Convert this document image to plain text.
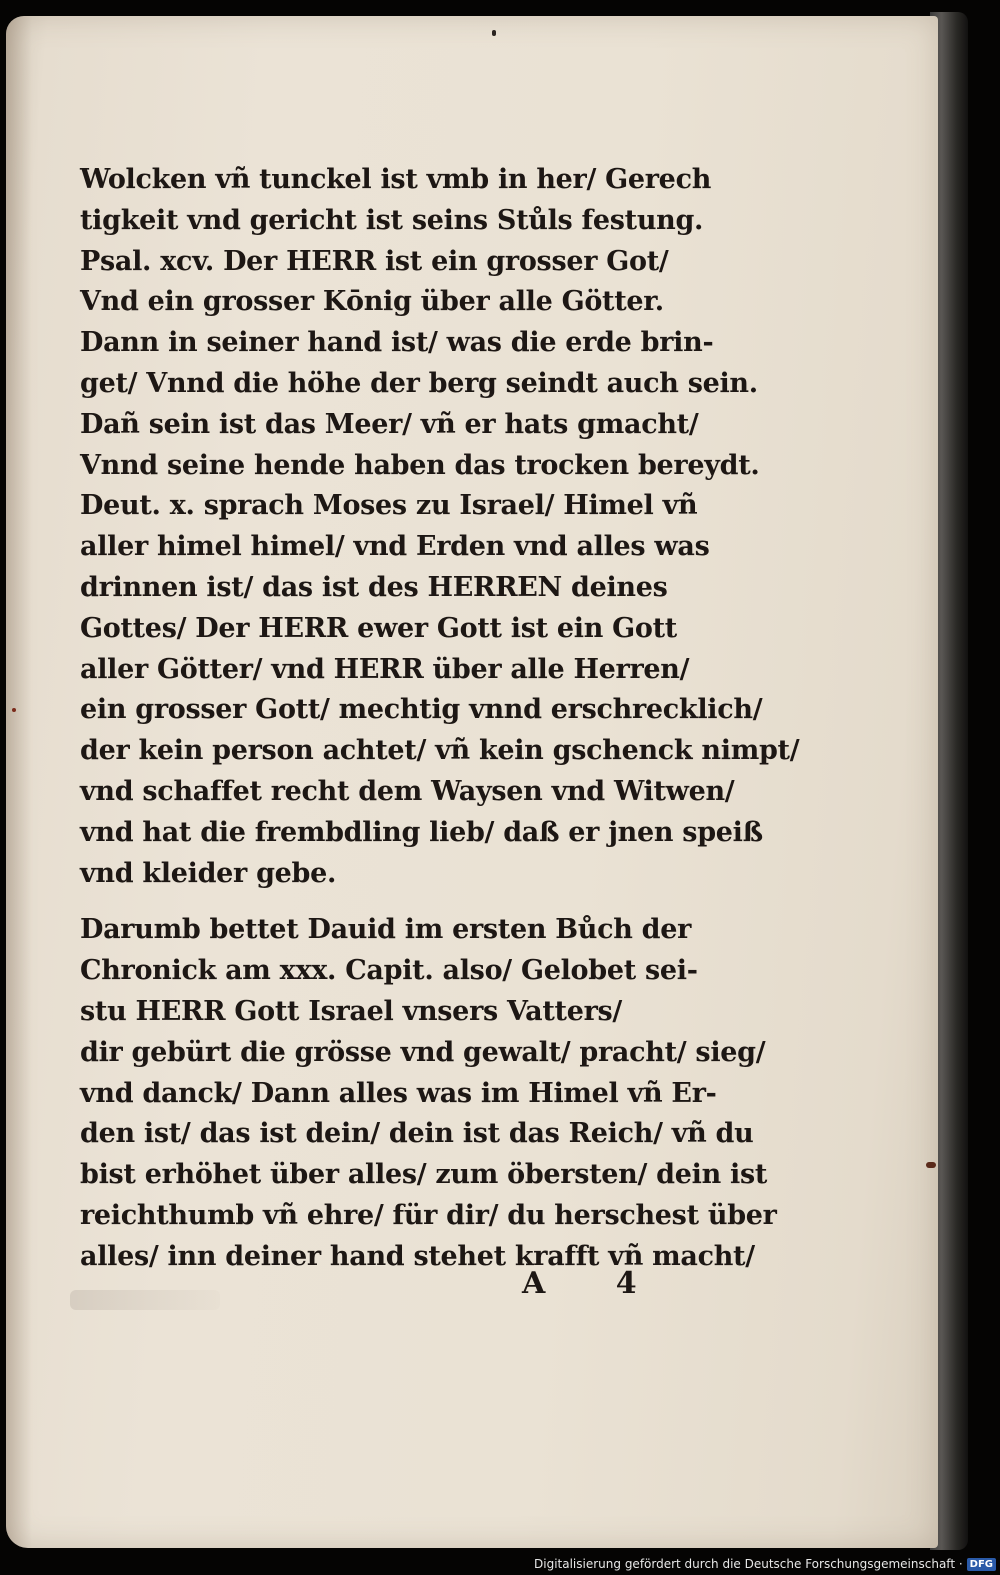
Wolcken vñ tunckel ist vmb in her/ Gerech
tigkeit vnd gericht ist seins Stůls festung.
Psal. xcv. Der HERR ist ein grosser Got/
Vnd ein grosser Kōnig über alle Götter.
Dann in seiner hand ist/ was die erde brin-
get/ Vnnd die höhe der berg seindt auch sein.
Dañ sein ist das Meer/ vñ er hats gmacht/
Vnnd seine hende haben das trocken bereydt.
Deut. x. sprach Moses zu Israel/ Himel vñ
aller himel himel/ vnd Erden vnd alles was
drinnen ist/ das ist des HERREN deines
Gottes/ Der HERR ewer Gott ist ein Gott
aller Götter/ vnd HERR über alle Herren/
ein grosser Gott/ mechtig vnnd erschrecklich/
der kein person achtet/ vñ kein gschenck nimpt/
vnd schaffet recht dem Waysen vnd Witwen/
vnd hat die frembdling lieb/ daß er jnen speiß
vnd kleider gebe.
Darumb bettet Dauid im ersten Bůch der
Chronick am xxx. Capit. also/ Gelobet sei-
stu HERR Gott Israel vnsers Vatters/
dir gebürt die grösse vnd gewalt/ pracht/ sieg/
vnd danck/ Dann alles was im Himel vñ Er-
den ist/ das ist dein/ dein ist das Reich/ vñ du
bist erhöhet über alles/ zum öbersten/ dein ist
reichthumb vñ ehre/ für dir/ du herschest über
alles/ inn deiner hand stehet krafft vñ macht/
A 4
Digitalisierung gefördert durch die Deutsche Forschungsgemeinschaft · DFG
